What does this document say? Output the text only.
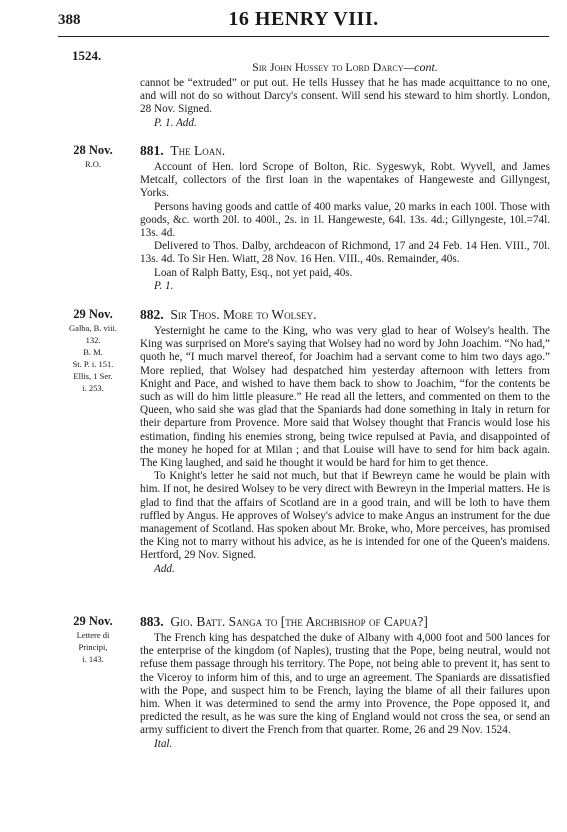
388	16 HENRY VIII.
1524.
Sir John Hussey to Lord Darcy—cont.

cannot be “extruded” or put out. He tells Hussey that he has made acquittance to no one, and will not do so without Darcy's consent. Will send his steward to him shortly. London, 28 Nov. Signed.

P. 1. Add.
28 Nov.
R.O.
881. The Loan.

Account of Hen. lord Scrope of Bolton, Ric. Sygeswyk, Robt. Wyvell, and James Metcalf, collectors of the first loan in the wapentakes of Hangeweste and Gillyngest, Yorks.

Persons having goods and cattle of 400 marks value, 20 marks in each 100l. Those with goods, &c. worth 20l. to 400l., 2s. in 1l. Hangeweste, 64l. 13s. 4d.; Gillyngeste, 10l.=74l. 13s. 4d.

Delivered to Thos. Dalby, archdeacon of Richmond, 17 and 24 Feb. 14 Hen. VIII., 70l. 13s. 4d. To Sir Hen. Wiatt, 28 Nov. 16 Hen. VIII., 40s. Remainder, 40s.

Loan of Ralph Batty, Esq., not yet paid, 40s.

P. 1.
29 Nov.
Galba, B. viii.
132.
B. M.
St. P. i. 151.
Ellis, 1 Ser.
i. 253.
882. Sir Thos. More to Wolsey.

Yesternight he came to the King, who was very glad to hear of Wolsey's health. The King was surprised on More's saying that Wolsey had no word by John Joachim. “No had,” quoth he, “I much marvel thereof, for Joachim had a servant come to him two days ago.” More replied, that Wolsey had despatched him yesterday afternoon with letters from Knight and Pace, and wished to have them back to show to Joachim, “for the contents be such as will do him little pleasure.” He read all the letters, and commented on them to the Queen, who said she was glad that the Spaniards had done something in Italy in return for their departure from Provence. More said that Wolsey thought that Francis would lose his estimation, finding his enemies strong, being twice repulsed at Pavia, and disappointed of the money he hoped for at Milan ; and that Louise will have to send for him back again. The King laughed, and said he thought it would be hard for him to get thence.

To Knight's letter he said not much, but that if Bewreyn came he would be plain with him. If not, he desired Wolsey to be very direct with Bewreyn in the Imperial matters. He is glad to find that the affairs of Scotland are in a good train, and will be loth to have them ruffled by Angus. He approves of Wolsey's advice to make Angus an instrument for the due management of Scotland. Has spoken about Mr. Broke, who, More perceives, has promised the King not to marry without his advice, as he is intended for one of the Queen's maidens. Hertford, 29 Nov. Signed.

Add.
29 Nov.
Lettere di
Principi,
i. 143.
883. Gio. Batt. Sanga to [the Archbishop of Capua?]

The French king has despatched the duke of Albany with 4,000 foot and 500 lances for the enterprise of the kingdom (of Naples), trusting that the Pope, being neutral, would not refuse them passage through his territory. The Pope, not being able to prevent it, has sent to the Viceroy to inform him of this, and to urge an agreement. The Spaniards are dissatisfied with the Pope, and suspect him to be French, laying the blame of all their failures upon him. When it was determined to send the army into Provence, the Pope opposed it, and predicted the result, as he was sure the king of England would not cross the sea, or send an army sufficient to divert the French from that quarter. Rome, 26 and 29 Nov. 1524.

Ital.
